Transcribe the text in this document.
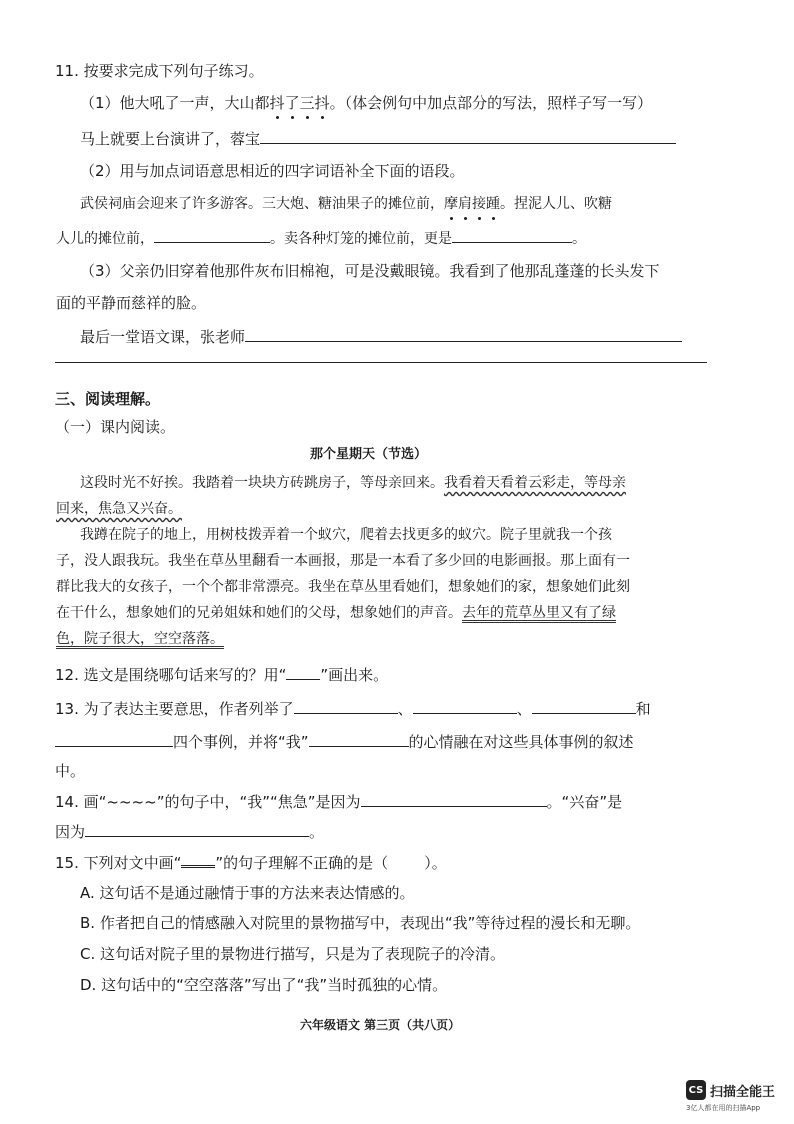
11. 按要求完成下列句子练习。
（1）他大吼了一声，大山都抖了三抖。（体会例句中加点部分的写法，照样子写一写）
马上就要上台演讲了，蓉宝
（2）用与加点词语意思相近的四字词语补全下面的语段。
武侯祠庙会迎来了许多游客。三大炮、糖油果子的摊位前，摩肩接踵。捏泥人儿、吹糖
人儿的摊位前，	。卖各种灯笼的摊位前，更是	。
（3）父亲仍旧穿着他那件灰布旧棉袍，可是没戴眼镜。我看到了他那乱蓬蓬的长头发下
面的平静而慈祥的脸。
最后一堂语文课，张老师
三、阅读理解。
（一）课内阅读。
那个星期天（节选）
这段时光不好挨。我踏着一块块方砖跳房子，等母亲回来。我看着天看着云彩走，等母亲
回来，焦急又兴奋。
我蹲在院子的地上，用树枝拨弄着一个蚁穴，爬着去找更多的蚁穴。院子里就我一个孩
子，没人跟我玩。我坐在草丛里翻看一本画报，那是一本看了多少回的电影画报。那上面有一
群比我大的女孩子，一个个都非常漂亮。我坐在草丛里看她们，想象她们的家，想象她们此刻
在干什么，想象她们的兄弟姐妹和她们的父母，想象她们的声音。去年的荒草丛里又有了绿
色，院子很大，空空落落。
12. 选文是围绕哪句话来写的？用“ ”画出来。
13. 为了表达主要意思，作者列举了	、	、	和
四个事例，并将“我”	的心情融在对这些具体事例的叙述
中。
14. 画“~~~~”的句子中，“我”“焦急”是因为	。“兴奋”是
因为	。
15. 下列对文中画“ ”的句子理解不正确的是（ ）。
A. 这句话不是通过融情于事的方法来表达情感的。
B. 作者把自己的情感融入对院里的景物描写中，表现出“我”等待过程的漫长和无聊。
C. 这句话对院子里的景物进行描写，只是为了表现院子的冷清。
D. 这句话中的“空空落落”写出了“我”当时孤独的心情。
六年级语文 第三页（共八页）
CS 扫描全能王
3亿人都在用的扫描App
